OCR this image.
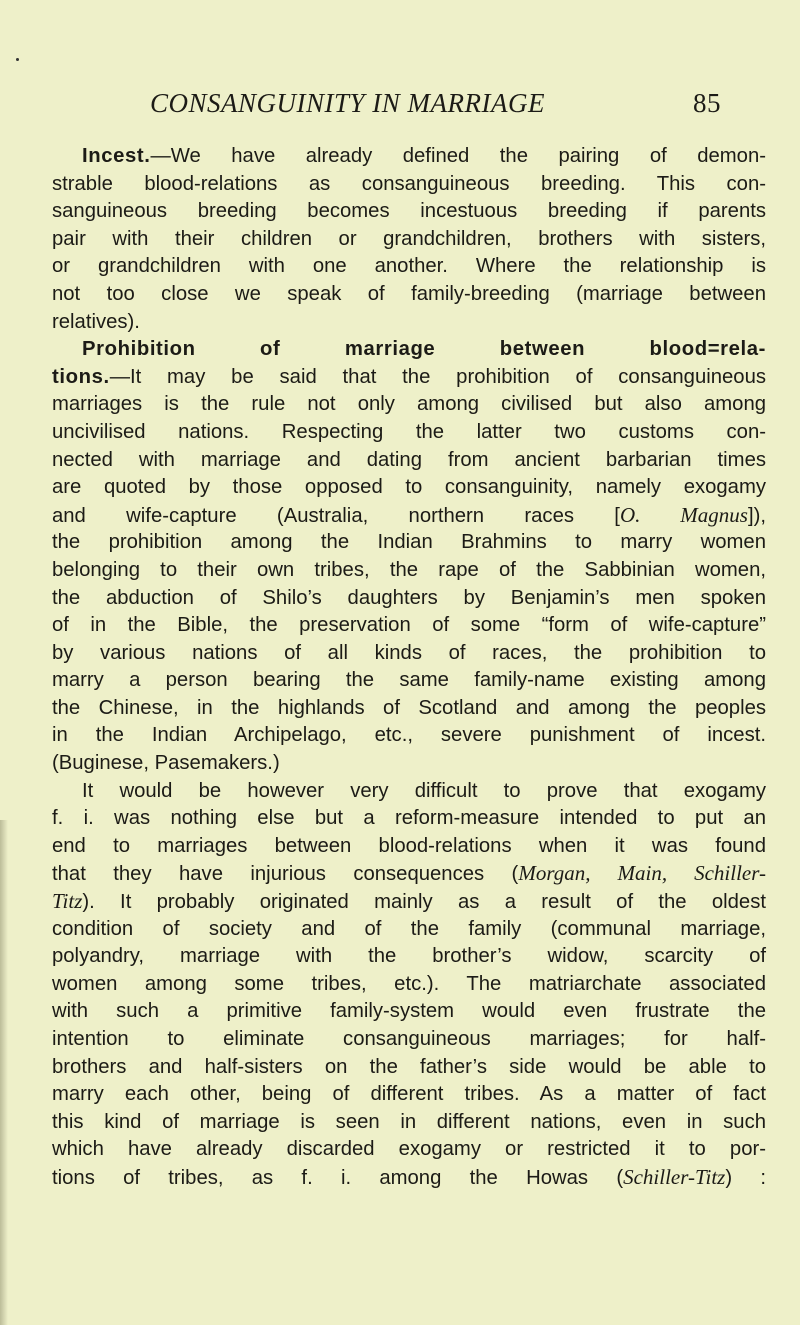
CONSANGUINITY IN MARRIAGE	85
Incest.—We have already defined the pairing of demon-
strable blood-relations as consanguineous breeding. This con-
sanguineous breeding becomes incestuous breeding if parents
pair with their children or grandchildren, brothers with sisters,
or grandchildren with one another. Where the relationship is
not too close we speak of family-breeding (marriage between
relatives).
Prohibition of marriage between blood=rela-
tions.—It may be said that the prohibition of consanguineous
marriages is the rule not only among civilised but also among
uncivilised nations. Respecting the latter two customs con-
nected with marriage and dating from ancient barbarian times
are quoted by those opposed to consanguinity, namely exogamy
and wife-capture (Australia, northern races [O. Magnus]),
the prohibition among the Indian Brahmins to marry women
belonging to their own tribes, the rape of the Sabbinian women,
the abduction of Shilo’s daughters by Benjamin’s men spoken
of in the Bible, the preservation of some “form of wife-capture”
by various nations of all kinds of races, the prohibition to
marry a person bearing the same family-name existing among
the Chinese, in the highlands of Scotland and among the peoples
in the Indian Archipelago, etc., severe punishment of incest.
(Buginese, Pasemakers.)
It would be however very difficult to prove that exogamy
f. i. was nothing else but a reform-measure intended to put an
end to marriages between blood-relations when it was found
that they have injurious consequences (Morgan, Main, Schiller-
Titz). It probably originated mainly as a result of the oldest
condition of society and of the family (communal marriage,
polyandry, marriage with the brother’s widow, scarcity of
women among some tribes, etc.). The matriarchate associated
with such a primitive family-system would even frustrate the
intention to eliminate consanguineous marriages; for half-
brothers and half-sisters on the father’s side would be able to
marry each other, being of different tribes. As a matter of fact
this kind of marriage is seen in different nations, even in such
which have already discarded exogamy or restricted it to por-
tions of tribes, as f. i. among the Howas (Schiller-Titz) :
